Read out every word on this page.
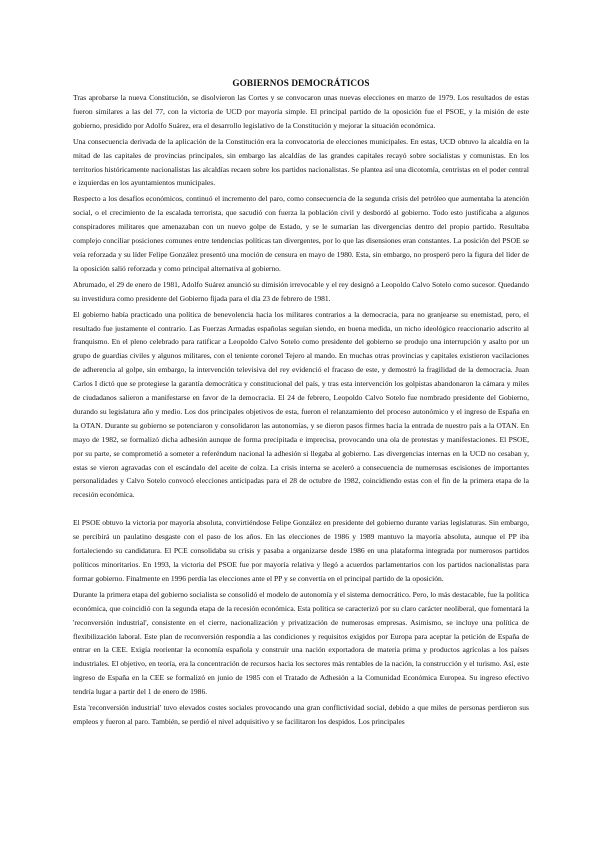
GOBIERNOS DEMOCRÁTICOS

Tras aprobarse la nueva Constitución, se disolvieron las Cortes y se convocaron unas nuevas elecciones en marzo de 1979. Los resultados de estas fueron similares a las del 77, con la victoria de UCD por mayoría simple. El principal partido de la oposición fue el PSOE, y la misión de este gobierno, presidido por Adolfo Suárez, era el desarrollo legislativo de la Constitución y mejorar la situación económica.

Una consecuencia derivada de la aplicación de la Constitución era la convocatoria de elecciones municipales. En estas, UCD obtuvo la alcaldía en la mitad de las capitales de provincias principales, sin embargo las alcaldías de las grandes capitales recayó sobre socialistas y comunistas. En los territorios históricamente nacionalistas las alcaldías recaen sobre los partidos nacionalistas. Se plantea así una dicotomía, centristas en el poder central e izquierdas en los ayuntamientos municipales.

Respecto a los desafíos económicos, continuó el incremento del paro, como consecuencia de la segunda crisis del petróleo que aumentaba la atención social, o el crecimiento de la escalada terrorista, que sacudió con fuerza la población civil y desbordó al gobierno. Todo esto justificaba a algunos conspiradores militares que amenazaban con un nuevo golpe de Estado, y se le sumarían las divergencias dentro del propio partido. Resultaba complejo conciliar posiciones comunes entre tendencias políticas tan divergentes, por lo que las disensiones eran constantes. La posición del PSOE se veía reforzada y su líder Felipe González presentó una moción de censura en mayo de 1980. Esta, sin embargo, no prosperó pero la figura del líder de la oposición salió reforzada y como principal alternativa al gobierno.

Abrumado, el 29 de enero de 1981, Adolfo Suárez anunció su dimisión irrevocable y el rey designó a Leopoldo Calvo Sotelo como sucesor. Quedando su investidura como presidente del Gobierno fijada para el día 23 de febrero de 1981.

El gobierno había practicado una política de benevolencia hacia los militares contrarios a la democracia, para no granjearse su enemistad, pero, el resultado fue justamente el contrario. Las Fuerzas Armadas españolas seguían siendo, en buena medida, un nicho ideológico reaccionario adscrito al franquismo. En el pleno celebrado para ratificar a Leopoldo Calvo Sotelo como presidente del gobierno se produjo una interrupción y asalto por un grupo de guardias civiles y algunos militares, con el teniente coronel Tejero al mando. En muchas otras provincias y capitales existieron vacilaciones de adherencia al golpe, sin embargo, la intervención televisiva del rey evidenció el fracaso de este, y demostró la fragilidad de la democracia. Juan Carlos I dictó que se protegiese la garantía democrática y constitucional del país, y tras esta intervención los golpistas abandonaron la cámara y miles de ciudadanos salieron a manifestarse en favor de la democracia. El 24 de febrero, Leopoldo Calvo Sotelo fue nombrado presidente del Gobierno, durando su legislatura año y medio. Los dos principales objetivos de esta, fueron el relanzamiento del proceso autonómico y el ingreso de España en la OTAN. Durante su gobierno se potenciaron y consolidaron las autonomías, y se dieron pasos firmes hacia la entrada de nuestro país a la OTAN. En mayo de 1982, se formalizó dicha adhesión aunque de forma precipitada e imprecisa, provocando una ola de protestas y manifestaciones. El PSOE, por su parte, se comprometió a someter a referéndum nacional la adhesión si llegaba al gobierno. Las divergencias internas en la UCD no cesaban y, estas se vieron agravadas con el escándalo del aceite de colza. La crisis interna se aceleró a consecuencia de numerosas escisiones de importantes personalidades y Calvo Sotelo convocó elecciones anticipadas para el 28 de octubre de 1982, coincidiendo estas con el fin de la primera etapa de la recesión económica.

El PSOE obtuvo la victoria por mayoría absoluta, convirtiéndose Felipe González en presidente del gobierno durante varias legislaturas. Sin embargo, se percibirá un paulatino desgaste con el paso de los años. En las elecciones de 1986 y 1989 mantuvo la mayoría absoluta, aunque el PP iba fortaleciendo su candidatura. El PCE consolidaba su crisis y pasaba a organizarse desde 1986 en una plataforma integrada por numerosos partidos políticos minoritarios. En 1993, la victoria del PSOE fue por mayoría relativa y llegó a acuerdos parlamentarios con los partidos nacionalistas para formar gobierno. Finalmente en 1996 perdía las elecciones ante el PP y se convertía en el principal partido de la oposición.

Durante la primera etapa del gobierno socialista se consolidó el modelo de autonomía y el sistema democrático. Pero, lo más destacable, fue la política económica, que coincidió con la segunda etapa de la recesión económica. Esta política se caracterizó por su claro carácter neoliberal, que fomentará la 'reconversión industrial', consistente en el cierre, nacionalización y privatización de numerosas empresas. Asimismo, se incluye una política de flexibilización laboral. Este plan de reconversión respondía a las condiciones y requisitos exigidos por Europa para aceptar la petición de España de entrar en la CEE. Exigía reorientar la economía española y construir una nación exportadora de materia prima y productos agrícolas a los países industriales. El objetivo, en teoría, era la concentración de recursos hacia los sectores más rentables de la nación, la construcción y el turismo. Así, este ingreso de España en la CEE se formalizó en junio de 1985 con el Tratado de Adhesión a la Comunidad Económica Europea. Su ingreso efectivo tendría lugar a partir del 1 de enero de 1986.

Esta 'reconversión industrial' tuvo elevados costes sociales provocando una gran conflictividad social, debido a que miles de personas perdieron sus empleos y fueron al paro. También, se perdió el nivel adquisitivo y se facilitaron los despidos. Los principales
